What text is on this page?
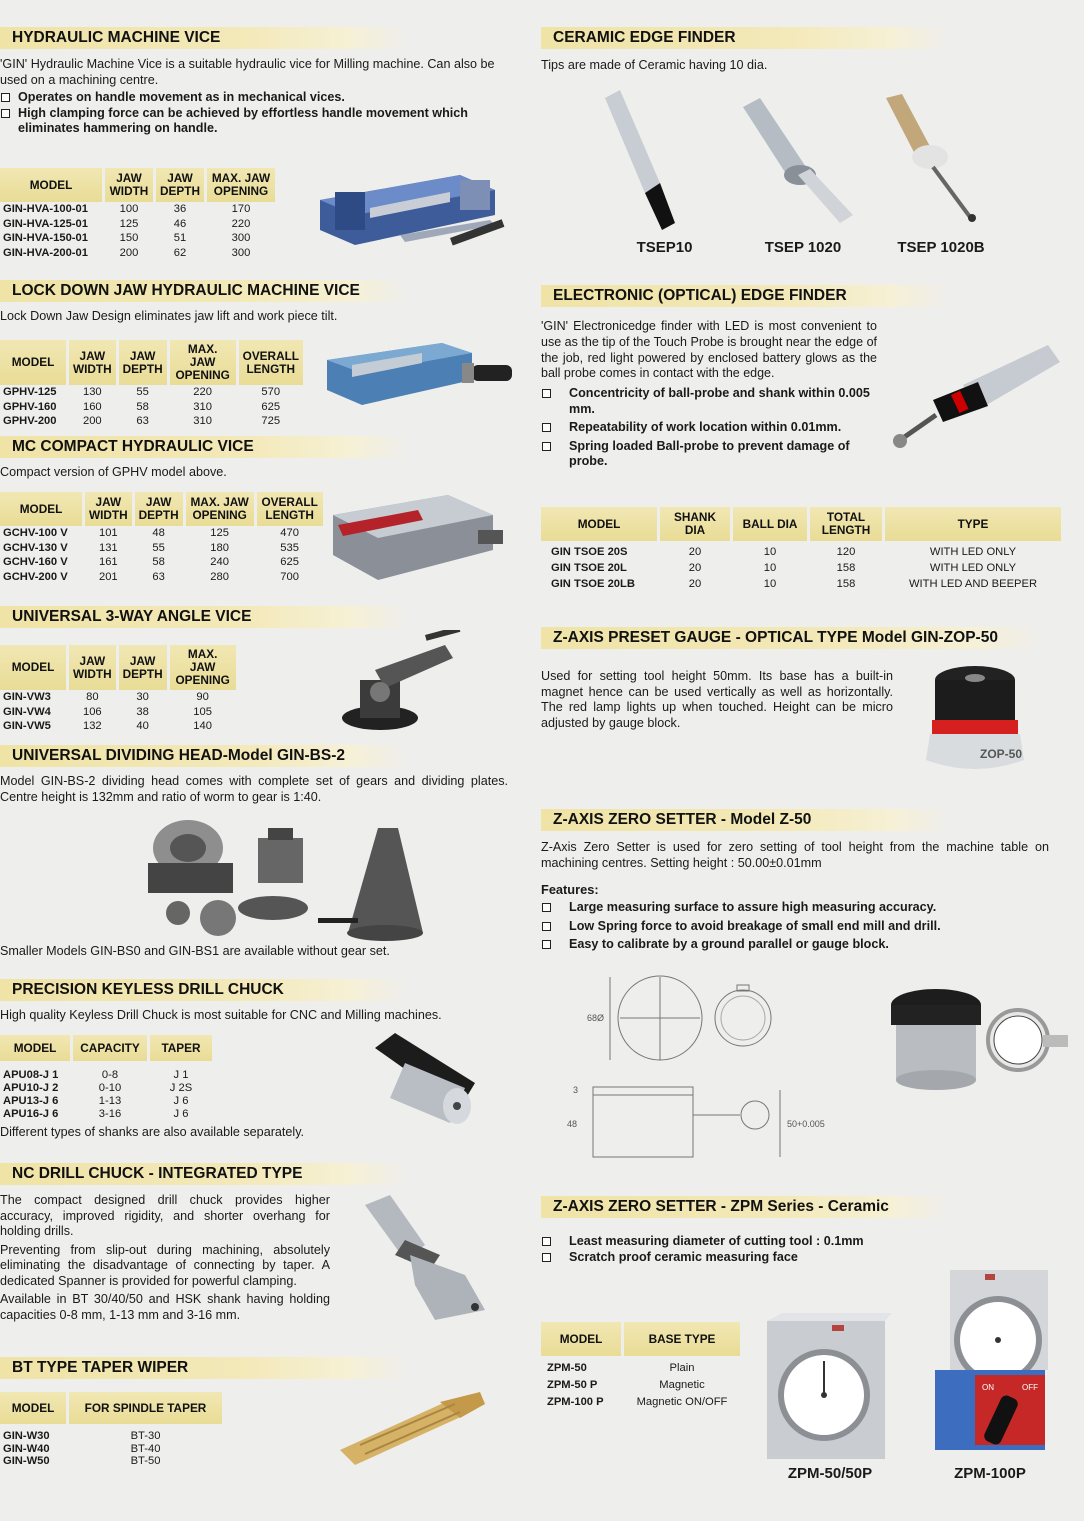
HYDRAULIC MACHINE VICE
'GIN' Hydraulic Machine Vice is a suitable hydraulic vice for Milling machine. Can also be used on a machining centre.
Operates on handle movement as in mechanical vices.
High clamping force can be achieved by effortless handle movement which eliminates hammering on handle.
MODEL	JAW WIDTH	JAW DEPTH	MAX. JAW OPENING
GIN-HVA-100-01	100	36	170
GIN-HVA-125-01	125	46	220
GIN-HVA-150-01	150	51	300
GIN-HVA-200-01	200	62	300
LOCK DOWN JAW HYDRAULIC MACHINE VICE
Lock Down Jaw Design eliminates jaw lift and work piece tilt.
MODEL	JAW WIDTH	JAW DEPTH	MAX. JAW OPENING	OVERALL LENGTH
GPHV-125	130	55	220	570
GPHV-160	160	58	310	625
GPHV-200	200	63	310	725
MC COMPACT HYDRAULIC VICE
Compact version of GPHV model above.
MODEL	JAW WIDTH	JAW DEPTH	MAX. JAW OPENING	OVERALL LENGTH
GCHV-100 V	101	48	125	470
GCHV-130 V	131	55	180	535
GCHV-160 V	161	58	240	625
GCHV-200 V	201	63	280	700
UNIVERSAL 3-WAY ANGLE VICE
MODEL	JAW WIDTH	JAW DEPTH	MAX. JAW OPENING
GIN-VW3	80	30	90
GIN-VW4	106	38	105
GIN-VW5	132	40	140
UNIVERSAL DIVIDING HEAD-Model GIN-BS-2
Model GIN-BS-2 dividing head comes with complete set of gears and dividing plates. Centre height is 132mm and ratio of worm to gear is 1:40.
Smaller Models GIN-BS0 and GIN-BS1 are available without gear set.
PRECISION KEYLESS DRILL CHUCK
High quality Keyless Drill Chuck is most suitable for CNC and Milling machines.
MODEL	CAPACITY	TAPER

APU08-J 1	0-8	J 1
APU10-J 2	0-10	J 2S
APU13-J 6	1-13	J 6
APU16-J 6	3-16	J 6
Different types of shanks are also available separately.
NC DRILL CHUCK - INTEGRATED TYPE
The compact designed drill chuck provides higher accuracy, improved rigidity, and shorter overhang for holding drills.
Preventing from slip-out during machining, absolutely eliminating the disadvantage of connecting by taper. A dedicated Spanner is provided for powerful clamping.
Available in BT 30/40/50 and HSK shank having holding capacities 0-8 mm, 1-13 mm and 3-16 mm.
BT TYPE TAPER WIPER
MODEL	FOR SPINDLE TAPER

GIN-W30	BT-30
GIN-W40	BT-40
GIN-W50	BT-50
CERAMIC EDGE FINDER
Tips are made of Ceramic having 10 dia.
TSEP10	TSEP 1020	TSEP 1020B
ELECTRONIC (OPTICAL) EDGE FINDER
'GIN' Electronicedge finder with LED is most convenient to use as the tip of the Touch Probe is brought near the edge of the job, red light powered by enclosed battery glows as the ball probe comes in contact with the edge.
Concentricity of ball-probe and shank within 0.005 mm.
Repeatability of work location within 0.01mm.
Spring loaded Ball-probe to prevent damage of probe.
MODEL	SHANK DIA	BALL DIA	TOTAL LENGTH	TYPE

GIN TSOE 20S	20	10	120	WITH LED ONLY
GIN TSOE 20L	20	10	158	WITH LED ONLY
GIN TSOE 20LB	20	10	158	WITH LED AND BEEPER
Z-AXIS PRESET GAUGE - OPTICAL TYPE Model GIN-ZOP-50
Used for setting tool height 50mm. Its base has a built-in magnet hence can be used vertically as well as horizontally. The red lamp lights up when touched. Height can be micro adjusted by gauge block.
ZOP-50
Z-AXIS ZERO SETTER - Model Z-50
Z-Axis Zero Setter is used for zero setting of tool height from the machine table on machining centres. Setting height : 50.00±0.01mm
Features:
Large measuring surface to assure high measuring accuracy.
Low Spring force to avoid breakage of small end mill and drill.
Easy to calibrate by a ground parallel or gauge block.
68Ø
3
48	50+0.005
Z-AXIS ZERO SETTER - ZPM Series - Ceramic
Least measuring diameter of cutting tool : 0.1mm
Scratch proof ceramic measuring face
MODEL	BASE TYPE

ZPM-50	Plain
ZPM-50 P	Magnetic
ZPM-100 P	Magnetic ON/OFF
ON	OFF
ZPM-50/50P	ZPM-100P
